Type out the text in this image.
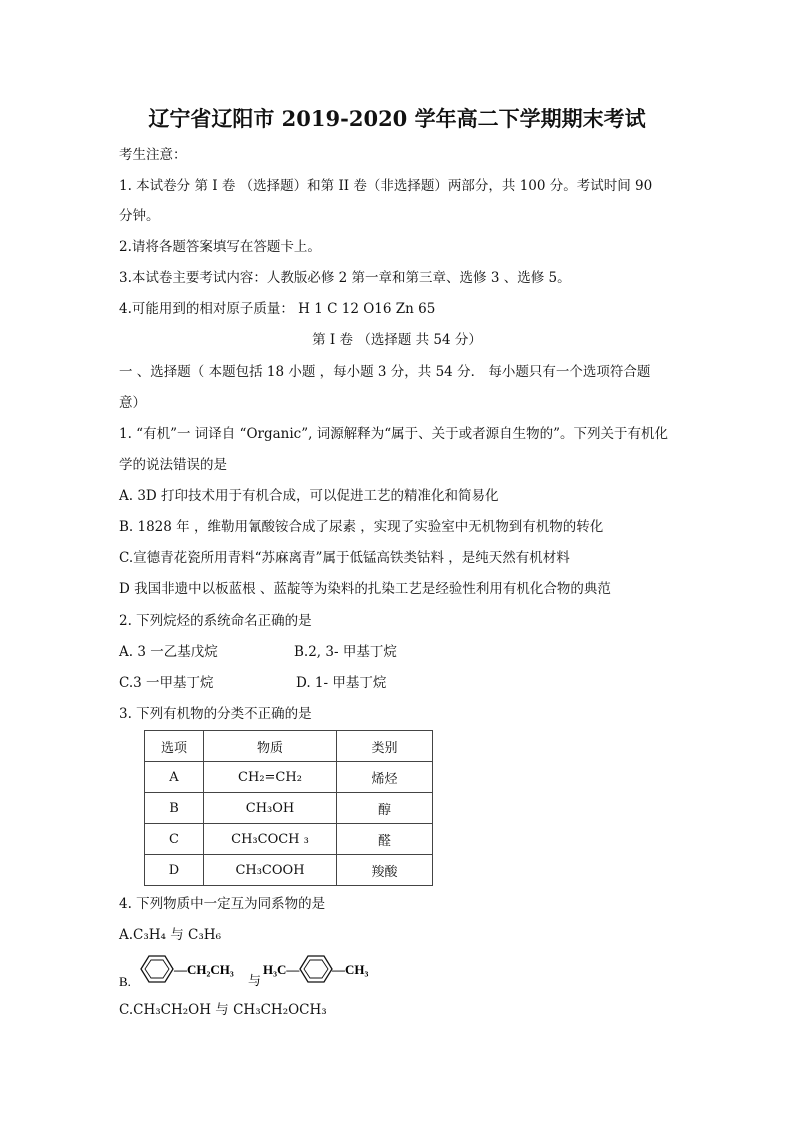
辽宁省辽阳市 2019-2020 学年高二下学期期末考试
考生注意：
1. 本试卷分 第 I 卷 （选择题）和第 II 卷（非选择题）两部分，共 100 分。考试时间 90
分钟。
2.请将各题答案填写在答题卡上。
3.本试卷主要考试内容：人教版必修 2 第一章和第三章、选修 3 、选修 5。
4.可能用到的相对原子质量： H 1 C 12 O16 Zn 65
第 I 卷 （选择题 共 54 分）
一 、选择题（ 本题包括 18 小题 ，每小题 3 分，共 54 分． 每小题只有一个选项符合题
意）
1. “有机”一 词译自 “Organic”, 词源解释为“属于、关于或者源自生物的”。下列关于有机化
学的说法错误的是
A. 3D 打印技术用于有机合成，可以促进工艺的精准化和简易化
B. 1828 年 ，维勒用氰酸铵合成了尿素 ，实现了实验室中无机物到有机物的转化
C.宣德青花瓷所用青料“苏麻离青”属于低锰高铁类钴料 ，是纯天然有机材料
D 我国非遗中以板蓝根 、蓝靛等为染料的扎染工艺是经验性利用有机化合物的典范
2. 下列烷烃的系统命名正确的是
A. 3 一乙基戊烷	B.2, 3- 甲基丁烷
C.3 一甲基丁烷	D. 1- 甲基丁烷
3. 下列有机物的分类不正确的是
选项	物质	类别
A	CH₂=CH₂	烯烃
B	CH₃OH	醇
C	CH₃COCH ₃	醛
D	CH₃COOH	羧酸
4. 下列物质中一定互为同系物的是
A.C₃H₄ 与 C₃H₆
B.
—CH₂CH₃
与
H₃C—	—CH₃
C.CH₃CH₂OH 与 CH₃CH₂OCH₃
